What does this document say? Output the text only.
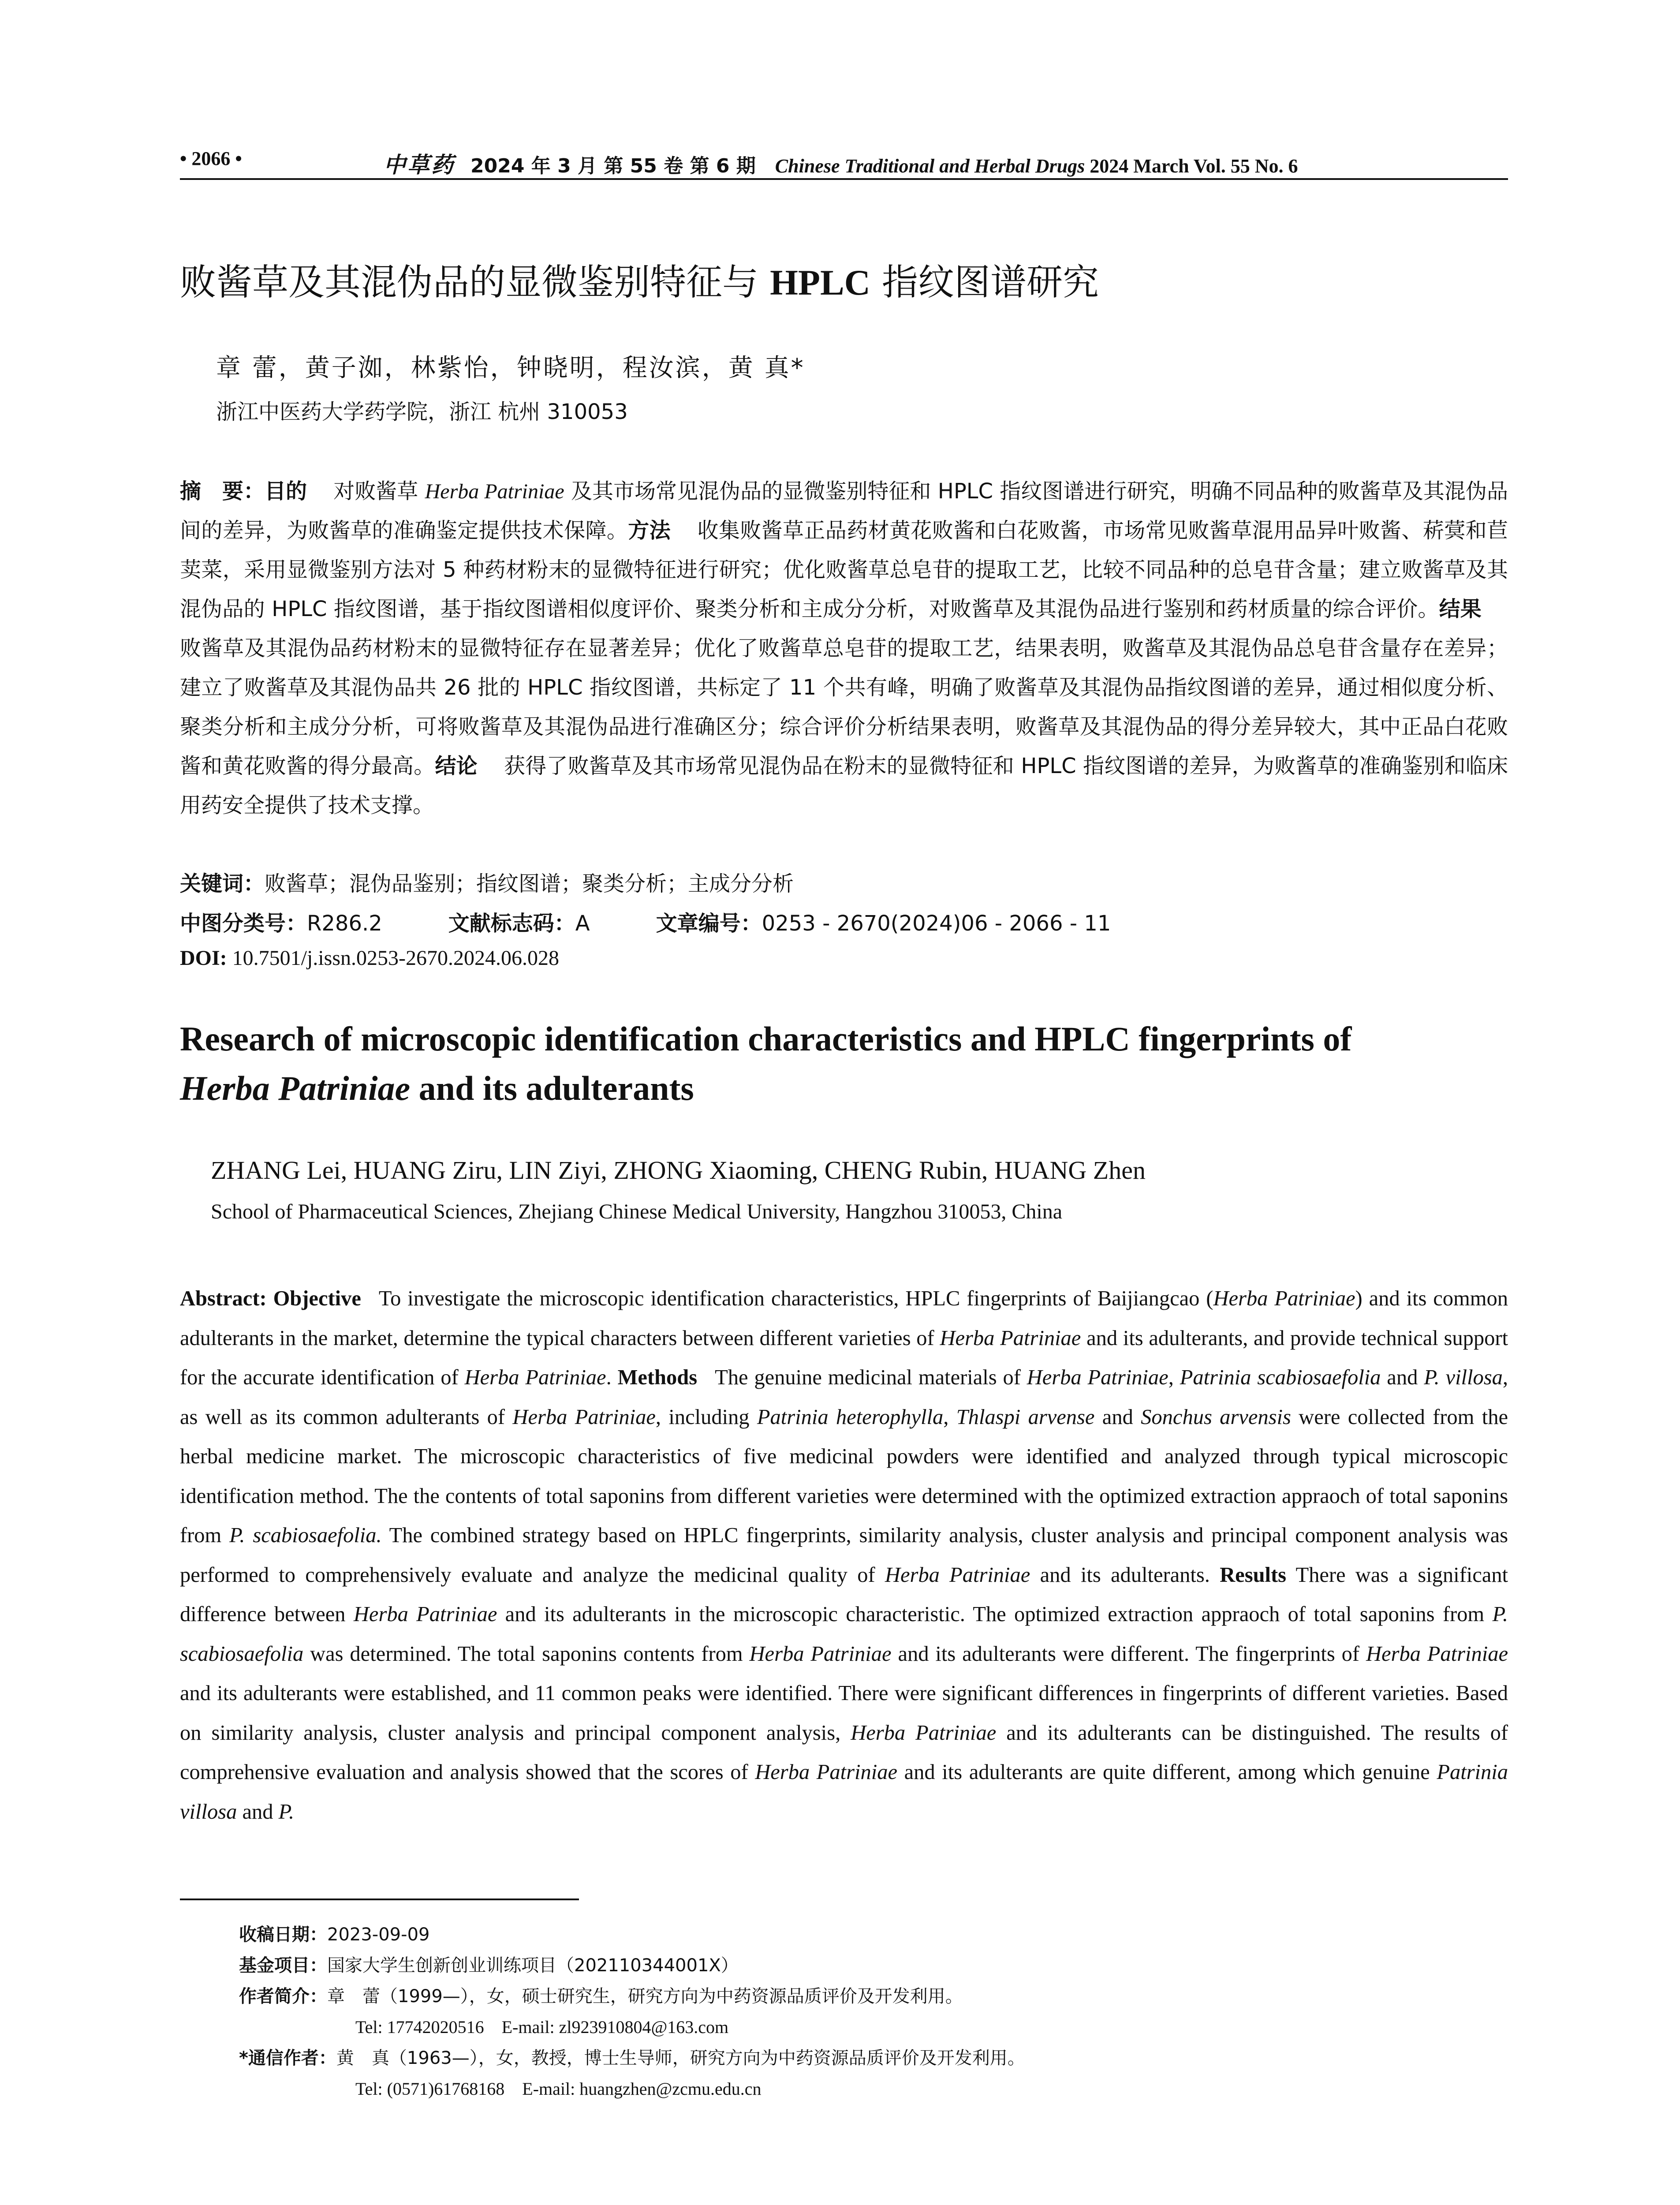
• 2066 •	中草药 2024 年 3 月 第 55 卷 第 6 期 Chinese Traditional and Herbal Drugs 2024 March Vol. 55 No. 6
败酱草及其混伪品的显微鉴别特征与 HPLC 指纹图谱研究
章 蕾，黄子洳，林紫怡，钟晓明，程汝滨，黄 真*
浙江中医药大学药学院，浙江 杭州 310053
摘　要：目的 对败酱草 Herba Patriniae 及其市场常见混伪品的显微鉴别特征和 HPLC 指纹图谱进行研究，明确不同品种的败酱草及其混伪品间的差异，为败酱草的准确鉴定提供技术保障。方法 收集败酱草正品药材黄花败酱和白花败酱，市场常见败酱草混用品异叶败酱、菥蓂和苣荬菜，采用显微鉴别方法对 5 种药材粉末的显微特征进行研究；优化败酱草总皂苷的提取工艺，比较不同品种的总皂苷含量；建立败酱草及其混伪品的 HPLC 指纹图谱，基于指纹图谱相似度评价、聚类分析和主成分分析，对败酱草及其混伪品进行鉴别和药材质量的综合评价。结果败酱草及其混伪品药材粉末的显微特征存在显著差异；优化了败酱草总皂苷的提取工艺，结果表明，败酱草及其混伪品总皂苷含量存在差异；建立了败酱草及其混伪品共 26 批的 HPLC 指纹图谱，共标定了 11 个共有峰，明确了败酱草及其混伪品指纹图谱的差异，通过相似度分析、聚类分析和主成分分析，可将败酱草及其混伪品进行准确区分；综合评价分析结果表明，败酱草及其混伪品的得分差异较大，其中正品白花败酱和黄花败酱的得分最高。结论 获得了败酱草及其市场常见混伪品在粉末的显微特征和 HPLC 指纹图谱的差异，为败酱草的准确鉴别和临床用药安全提供了技术支撑。
关键词：败酱草；混伪品鉴别；指纹图谱；聚类分析；主成分分析
中图分类号：R286.2	文献标志码：A	文章编号：0253 - 2670(2024)06 - 2066 - 11
DOI: 10.7501/j.issn.0253-2670.2024.06.028
Research of microscopic identification characteristics and HPLC fingerprints of
Herba Patriniae and its adulterants
ZHANG Lei, HUANG Ziru, LIN Ziyi, ZHONG Xiaoming, CHENG Rubin, HUANG Zhen
School of Pharmaceutical Sciences, Zhejiang Chinese Medical University, Hangzhou 310053, China
Abstract: Objective To investigate the microscopic identification characteristics, HPLC fingerprints of Baijiangcao (Herba Patriniae) and its common adulterants in the market, determine the typical characters between different varieties of Herba Patriniae and its adulterants, and provide technical support for the accurate identification of Herba Patriniae. Methods The genuine medicinal materials of Herba Patriniae, Patrinia scabiosaefolia and P. villosa, as well as its common adulterants of Herba Patriniae, including Patrinia heterophylla, Thlaspi arvense and Sonchus arvensis were collected from the herbal medicine market. The microscopic characteristics of five medicinal powders were identified and analyzed through typical microscopic identification method. The the contents of total saponins from different varieties were determined with the optimized extraction appraoch of total saponins from P. scabiosaefolia. The combined strategy based on HPLC fingerprints, similarity analysis, cluster analysis and principal component analysis was performed to comprehensively evaluate and analyze the medicinal quality of Herba Patriniae and its adulterants. Results There was a significant difference between Herba Patriniae and its adulterants in the microscopic characteristic. The optimized extraction appraoch of total saponins from P. scabiosaefolia was determined. The total saponins contents from Herba Patriniae and its adulterants were different. The fingerprints of Herba Patriniae and its adulterants were established, and 11 common peaks were identified. There were significant differences in fingerprints of different varieties. Based on similarity analysis, cluster analysis and principal component analysis, Herba Patriniae and its adulterants can be distinguished. The results of comprehensive evaluation and analysis showed that the scores of Herba Patriniae and its adulterants are quite different, among which genuine Patrinia villosa and P.
收稿日期：2023-09-09
基金项目：国家大学生创新创业训练项目（202110344001X）
作者简介：章　蕾（1999—），女，硕士研究生，研究方向为中药资源品质评价及开发利用。
Tel: 17742020516　E-mail: zl923910804@163.com
*通信作者：黄　真（1963—），女，教授，博士生导师，研究方向为中药资源品质评价及开发利用。
Tel: (0571)61768168　E-mail: huangzhen@zcmu.edu.cn
